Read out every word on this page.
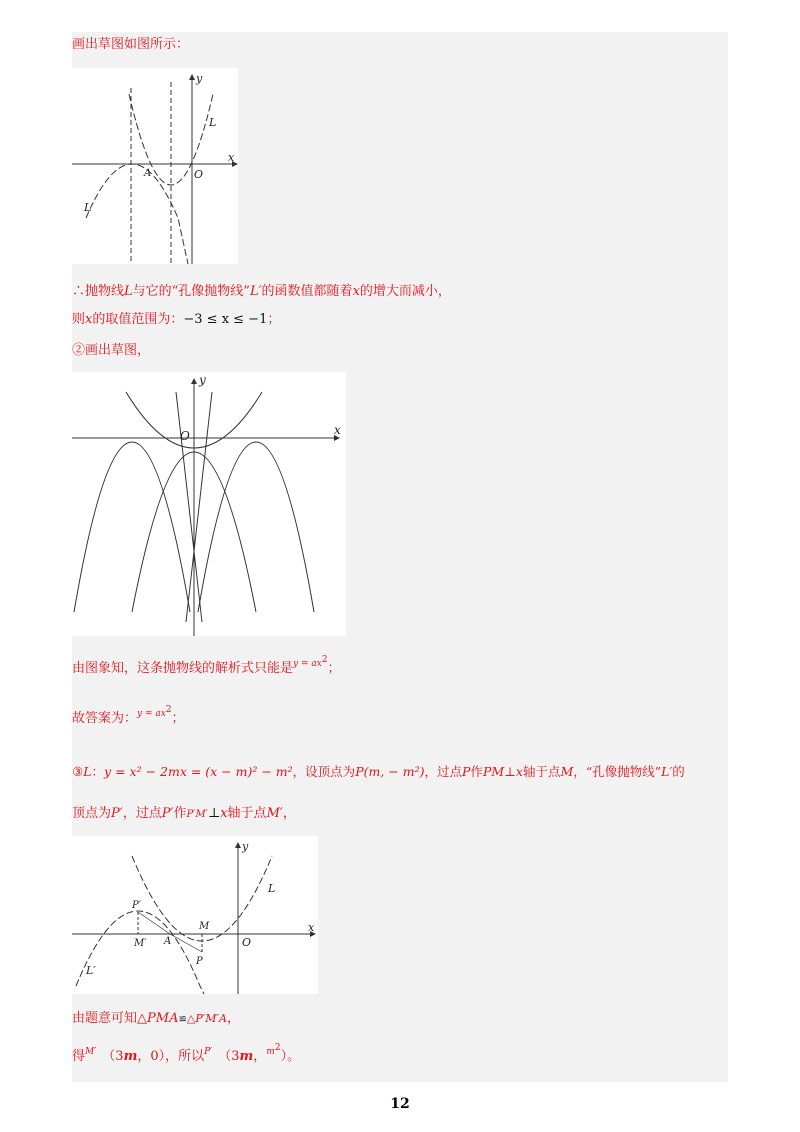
画出草图如图所示：
y
x
O
A
L
L′
∴抛物线L与它的“孔像抛物线”L′的函数值都随着x的增大而减小，
则x的取值范围为：−3 ≤ x ≤ −1；
②画出草图，
y
x
O
由图象知，这条抛物线的解析式只能是$^{y = ax^2}$；
故答案为：$^{y = ax^2}$；
③L：y = x² − 2mx = (x − m)² − m²，设顶点为P(m, − m²)，过点P作PM⊥x轴于点M，“孔像抛物线”L′的
顶点为P′，过点P′作P′M′⊥x轴于点M′，
y
x
O
A
M
P
P′
M′
L
L′
由题意可知△PMA≌△P′M′A，
得$^{M'}$ （3m，0），所以$^{P'}$ （3m，$^{m^2}$）。
12
